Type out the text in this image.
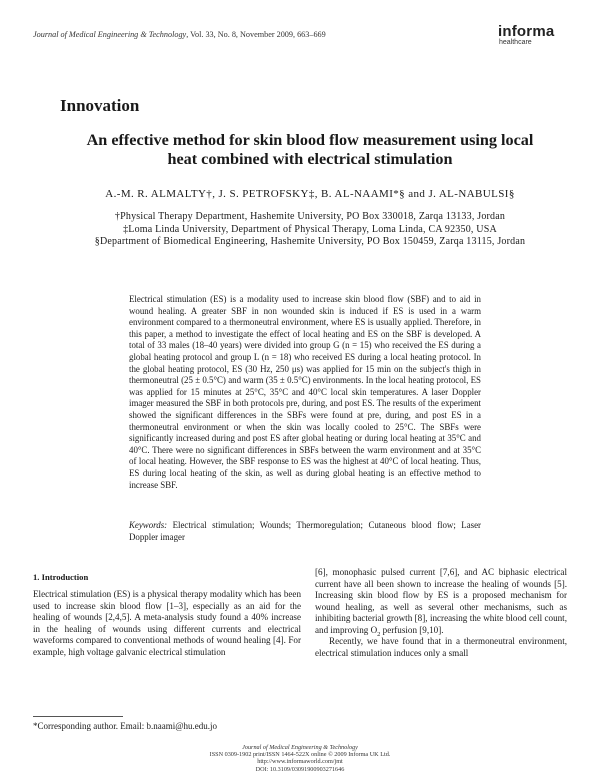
Journal of Medical Engineering & Technology, Vol. 33, No. 8, November 2009, 663–669	informa
healthcare
Innovation
An effective method for skin blood flow measurement using local
heat combined with electrical stimulation
A.-M. R. ALMALTY†, J. S. PETROFSKY‡, B. AL-NAAMI*§ and J. AL-NABULSI§
†Physical Therapy Department, Hashemite University, PO Box 330018, Zarqa 13133, Jordan
‡Loma Linda University, Department of Physical Therapy, Loma Linda, CA 92350, USA
§Department of Biomedical Engineering, Hashemite University, PO Box 150459, Zarqa 13115, Jordan
Electrical stimulation (ES) is a modality used to increase skin blood flow (SBF) and to aid in wound healing. A greater SBF in non wounded skin is induced if ES is used in a warm environment compared to a thermoneutral environment, where ES is usually applied. Therefore, in this paper, a method to investigate the effect of local heating and ES on the SBF is developed. A total of 33 males (18–40 years) were divided into group G (n = 15) who received the ES during a global heating protocol and group L (n = 18) who received ES during a local heating protocol. In the global heating protocol, ES (30 Hz, 250 μs) was applied for 15 min on the subject's thigh in thermoneutral (25 ± 0.5°C) and warm (35 ± 0.5°C) environments. In the local heating protocol, ES was applied for 15 minutes at 25°C, 35°C and 40°C local skin temperatures. A laser Doppler imager measured the SBF in both protocols pre, during, and post ES. The results of the experiment showed the significant differences in the SBFs were found at pre, during, and post ES in a thermoneutral environment or when the skin was locally cooled to 25°C. The SBFs were significantly increased during and post ES after global heating or during local heating at 35°C and 40°C. There were no significant differences in SBFs between the warm environment and at 35°C of local heating. However, the SBF response to ES was the highest at 40°C of local heating. Thus, ES during local heating of the skin, as well as during global heating is an effective method to increase SBF.
Keywords: Electrical stimulation; Wounds; Thermoregulation; Cutaneous blood flow; Laser Doppler imager
1. Introduction
Electrical stimulation (ES) is a physical therapy modality which has been used to increase skin blood flow [1–3], especially as an aid for the healing of wounds [2,4,5]. A meta-analysis study found a 40% increase in the healing of wounds using different currents and electrical waveforms compared to conventional methods of wound healing [4]. For example, high voltage galvanic electrical stimulation
[6], monophasic pulsed current [7,6], and AC biphasic electrical current have all been shown to increase the healing of wounds [5]. Increasing skin blood flow by ES is a proposed mechanism for wound healing, as well as several other mechanisms, such as inhibiting bacterial growth [8], increasing the white blood cell count, and improving $O_2$ perfusion [9,10].
Recently, we have found that in a thermoneutral environment, electrical stimulation induces only a small
*Corresponding author. Email: b.naami@hu.edu.jo
Journal of Medical Engineering & Technology
ISSN 0309-1902 print/ISSN 1464-522X online © 2009 Informa UK Ltd.
http://www.informaworld.com/jmt
DOI: 10.3109/03091900903271646
